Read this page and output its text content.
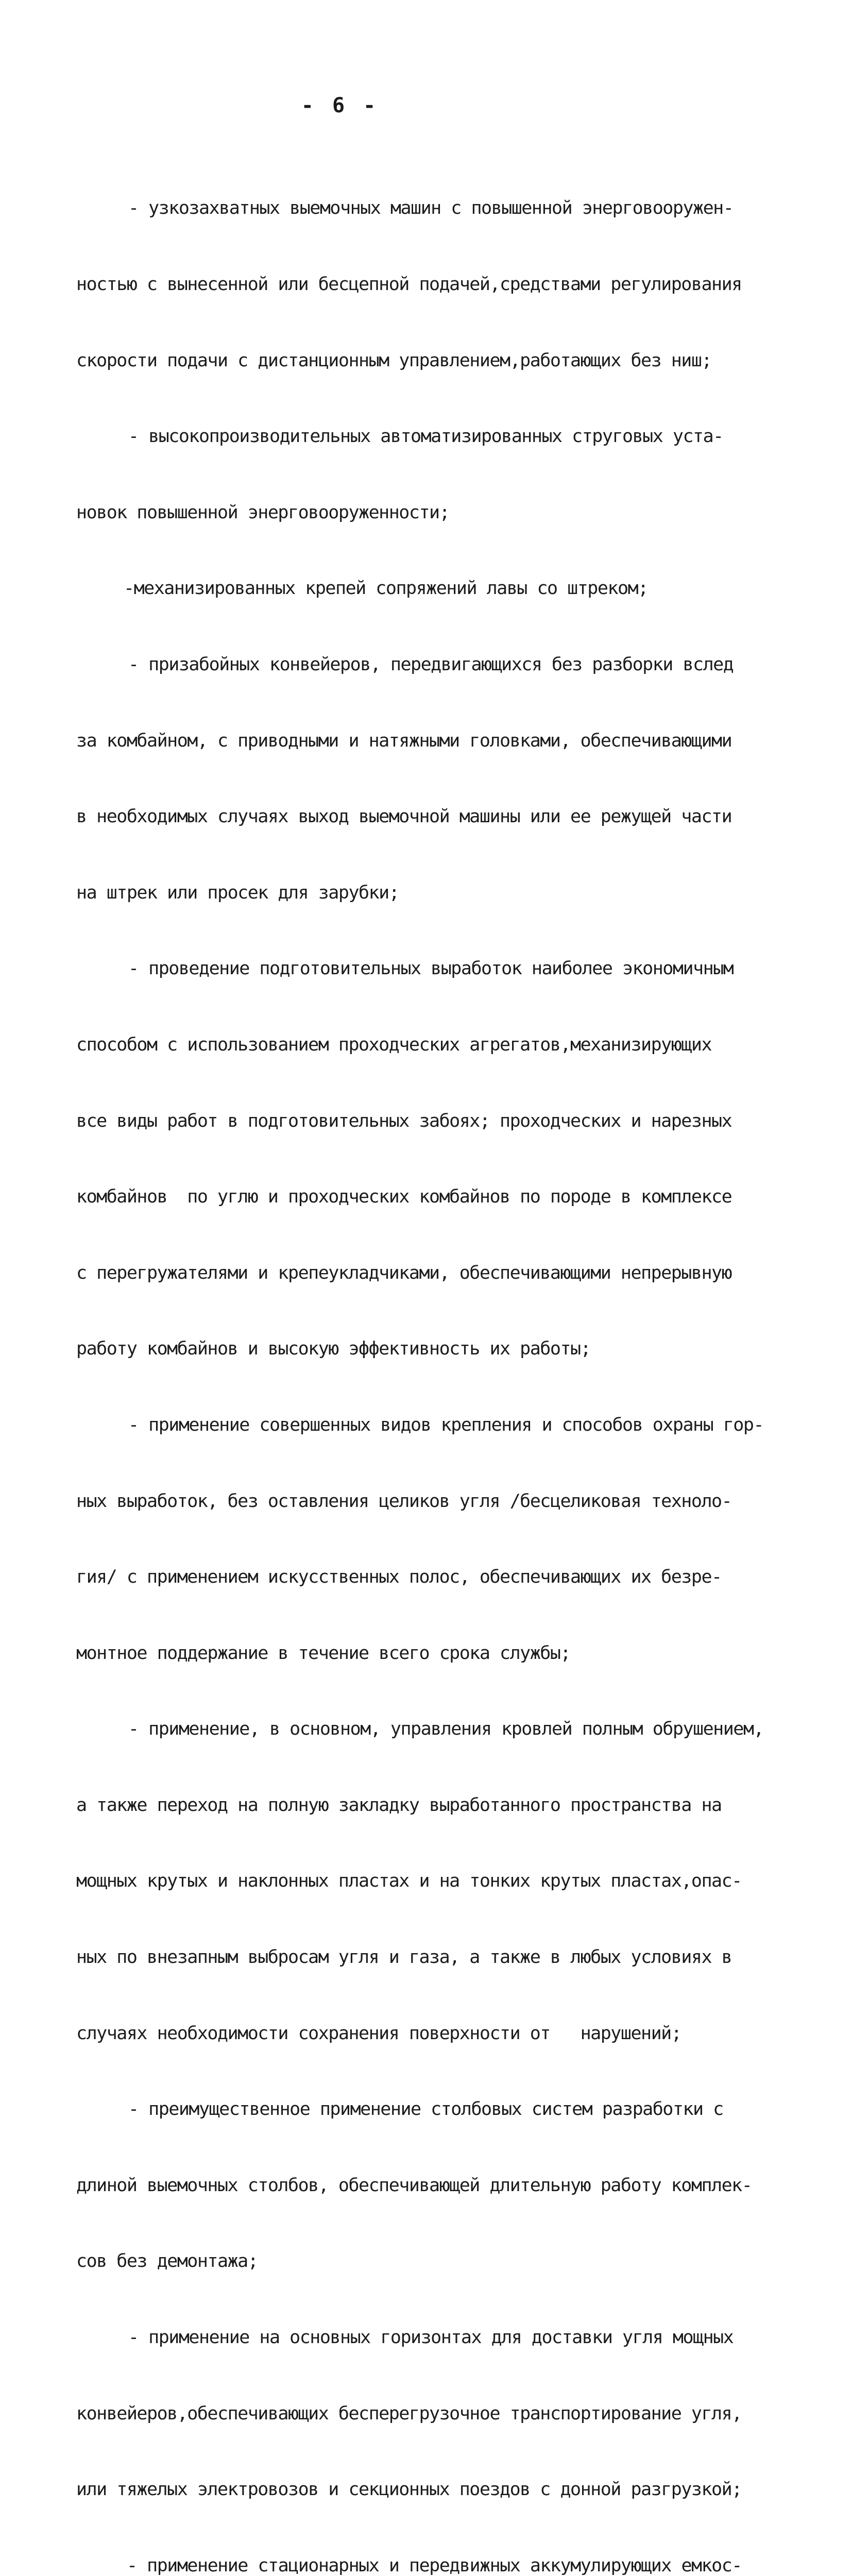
- 6 -

- узкозахватных выемочных машин с повышенной энерговооружен-

ностью с вынесенной или бесцепной подачей,средствами регулирования

скорости подачи с дистанционным управлением,работающих без ниш;

- высокопроизводительных автоматизированных струговых уста-

новок повышенной энерговооруженности;

-механизированных крепей сопряжений лавы со штреком;

- призабойных конвейеров, передвигающихся без разборки вслед

за комбайном, с приводными и натяжными головками, обеспечивающими

в необходимых случаях выход выемочной машины или ее режущей части

на штрек или просек для зарубки;

- проведение подготовительных выработок наиболее экономичным

способом с использованием проходческих агрегатов,механизирующих

все виды работ в подготовительных забоях; проходческих и нарезных

комбайнов  по углю и проходческих комбайнов по породе в комплексе

с перегружателями и крепеукладчиками, обеспечивающими непрерывную

работу комбайнов и высокую эффективность их работы;

- применение совершенных видов крепления и способов охраны гор-

ных выработок, без оставления целиков угля /бесцеликовая техноло-

гия/ с применением искусственных полос, обеспечивающих их безре-

монтное поддержание в течение всего срока службы;

- применение, в основном, управления кровлей полным обрушением,

а также переход на полную закладку выработанного пространства на

мощных крутых и наклонных пластах и на тонких крутых пластах,опас-

ных по внезапным выбросам угля и газа, а также в любых условиях в

случаях необходимости сохранения поверхности от   нарушений;

- преимущественное применение столбовых систем разработки с

длиной выемочных столбов, обеспечивающей длительную работу комплек-

сов без демонтажа;

- применение на основных горизонтах для доставки угля мощных

конвейеров,обеспечивающих бесперегрузочное транспортирование угля,

или тяжелых электровозов и секционных поездов с донной разгрузкой;

- применение стационарных и передвижных аккумулирующих емкос-
